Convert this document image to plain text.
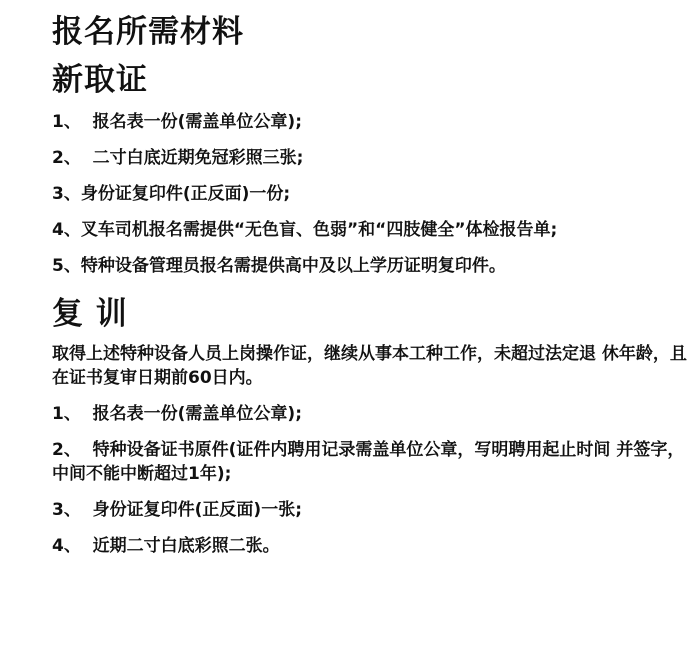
报名所需材料
新取证

1、  报名表一份(需盖单位公章);

2、  二寸白底近期免冠彩照三张;

3、身份证复印件(正反面)一份;

4、叉车司机报名需提供“无色盲、色弱”和“四肢健全”体检报告单;

5、特种设备管理员报名需提供高中及以上学历证明复印件。

复 训

取得上述特种设备人员上岗操作证，继续从事本工种工作，未超过法定退 休年龄，且在证书复审日期前60日内。

1、  报名表一份(需盖单位公章);

2、  特种设备证书原件(证件内聘用记录需盖单位公章，写明聘用起止时间 并签字，中间不能中断超过1年);

3、  身份证复印件(正反面)一张;

4、  近期二寸白底彩照二张。
